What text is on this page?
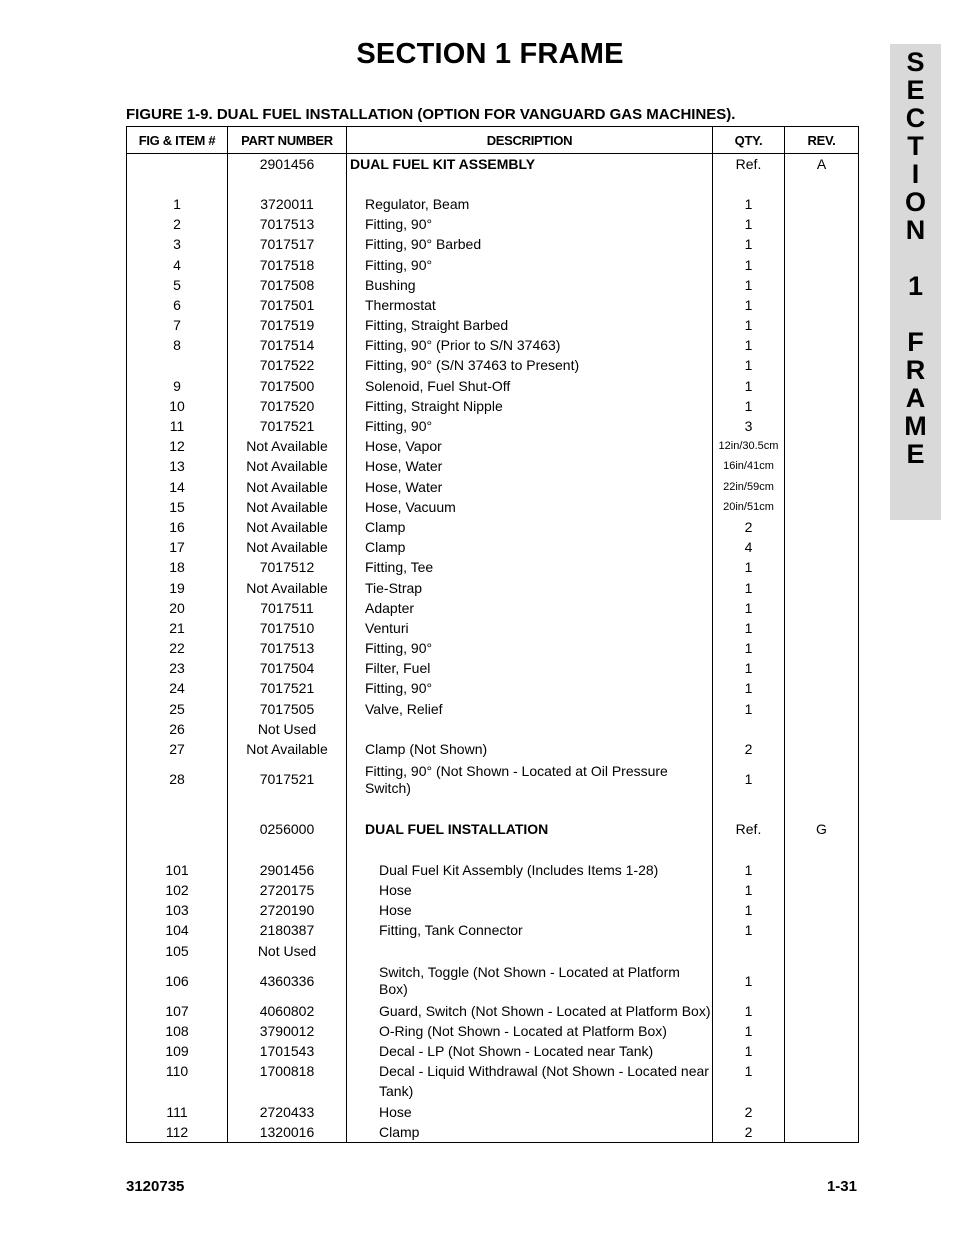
SECTION 1 FRAME	S
E
C
T
I
O
N
1
F
R
A
M
E
FIGURE 1-9. DUAL FUEL INSTALLATION (OPTION FOR VANGUARD GAS MACHINES).
FIG & ITEM #	PART NUMBER	DESCRIPTION	QTY.	REV.
	2901456	DUAL FUEL KIT ASSEMBLY	Ref.	A

1	3720011	Regulator, Beam	1	
2	7017513	Fitting, 90°	1	
3	7017517	Fitting, 90° Barbed	1	
4	7017518	Fitting, 90°	1	
5	7017508	Bushing	1	
6	7017501	Thermostat	1	
7	7017519	Fitting, Straight Barbed	1	
8	7017514	Fitting, 90° (Prior to S/N 37463)	1	
	7017522	Fitting, 90° (S/N 37463 to Present)	1	
9	7017500	Solenoid, Fuel Shut-Off	1	
10	7017520	Fitting, Straight Nipple	1	
11	7017521	Fitting, 90°	3	
12	Not Available	Hose, Vapor	12in/30.5cm	
13	Not Available	Hose, Water	16in/41cm	
14	Not Available	Hose, Water	22in/59cm	
15	Not Available	Hose, Vacuum	20in/51cm	
16	Not Available	Clamp	2	
17	Not Available	Clamp	4	
18	7017512	Fitting, Tee	1	
19	Not Available	Tie-Strap	1	
20	7017511	Adapter	1	
21	7017510	Venturi	1	
22	7017513	Fitting, 90°	1	
23	7017504	Filter, Fuel	1	
24	7017521	Fitting, 90°	1	
25	7017505	Valve, Relief	1	
26	Not Used			
27	Not Available	Clamp (Not Shown)	2	
28	7017521	Fitting, 90° (Not Shown - Located at Oil Pressure Switch)	1	

	0256000	DUAL FUEL INSTALLATION	Ref.	G

101	2901456	Dual Fuel Kit Assembly (Includes Items 1-28)	1	
102	2720175	Hose	1	
103	2720190	Hose	1	
104	2180387	Fitting, Tank Connector	1	
105	Not Used			
106	4360336	Switch, Toggle (Not Shown - Located at Platform Box)	1	
107	4060802	Guard, Switch (Not Shown - Located at Platform Box)	1	
108	3790012	O-Ring (Not Shown - Located at Platform Box)	1	
109	1701543	Decal - LP (Not Shown - Located near Tank)	1	
110	1700818	Decal - Liquid Withdrawal (Not Shown - Located near	1	
		Tank)		
111	2720433	Hose	2	
112	1320016	Clamp	2	
3120735	1-31
